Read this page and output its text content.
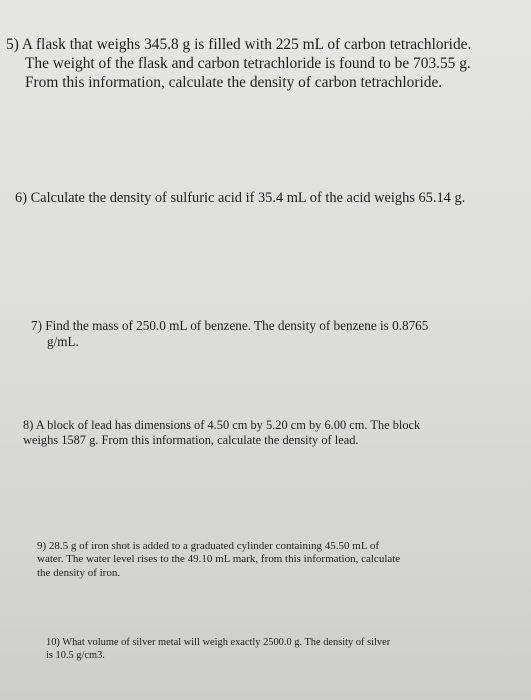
5) A flask that weighs 345.8 g is filled with 225 mL of carbon tetrachloride.
The weight of the flask and carbon tetrachloride is found to be 703.55 g.
From this information, calculate the density of carbon tetrachloride.

6) Calculate the density of sulfuric acid if 35.4 mL of the acid weighs 65.14 g.

7) Find the mass of 250.0 mL of benzene. The density of benzene is 0.8765
g/mL.

8) A block of lead has dimensions of 4.50 cm by 5.20 cm by 6.00 cm. The block
weighs 1587 g. From this information, calculate the density of lead.

9) 28.5 g of iron shot is added to a graduated cylinder containing 45.50 mL of
water. The water level rises to the 49.10 mL mark, from this information, calculate
the density of iron.

10) What volume of silver metal will weigh exactly 2500.0 g. The density of silver
is 10.5 g/cm3.
